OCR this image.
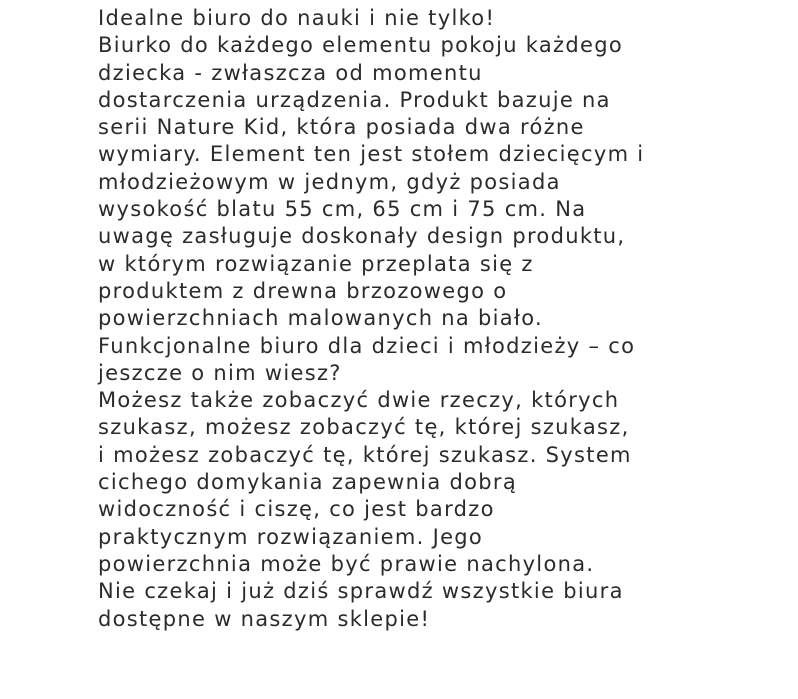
Idealne biuro do nauki i nie tylko!
Biurko do każdego elementu pokoju każdego
dziecka - zwłaszcza od momentu
dostarczenia urządzenia. Produkt bazuje na
serii Nature Kid, która posiada dwa różne
wymiary. Element ten jest stołem dziecięcym i
młodzieżowym w jednym, gdyż posiada
wysokość blatu 55 cm, 65 cm i 75 cm. Na
uwagę zasługuje doskonały design produktu,
w którym rozwiązanie przeplata się z
produktem z drewna brzozowego o
powierzchniach malowanych na biało.
Funkcjonalne biuro dla dzieci i młodzieży – co
jeszcze o nim wiesz?
Możesz także zobaczyć dwie rzeczy, których
szukasz, możesz zobaczyć tę, której szukasz,
i możesz zobaczyć tę, której szukasz. System
cichego domykania zapewnia dobrą
widoczność i ciszę, co jest bardzo
praktycznym rozwiązaniem. Jego
powierzchnia może być prawie nachylona.
Nie czekaj i już dziś sprawdź wszystkie biura
dostępne w naszym sklepie!
